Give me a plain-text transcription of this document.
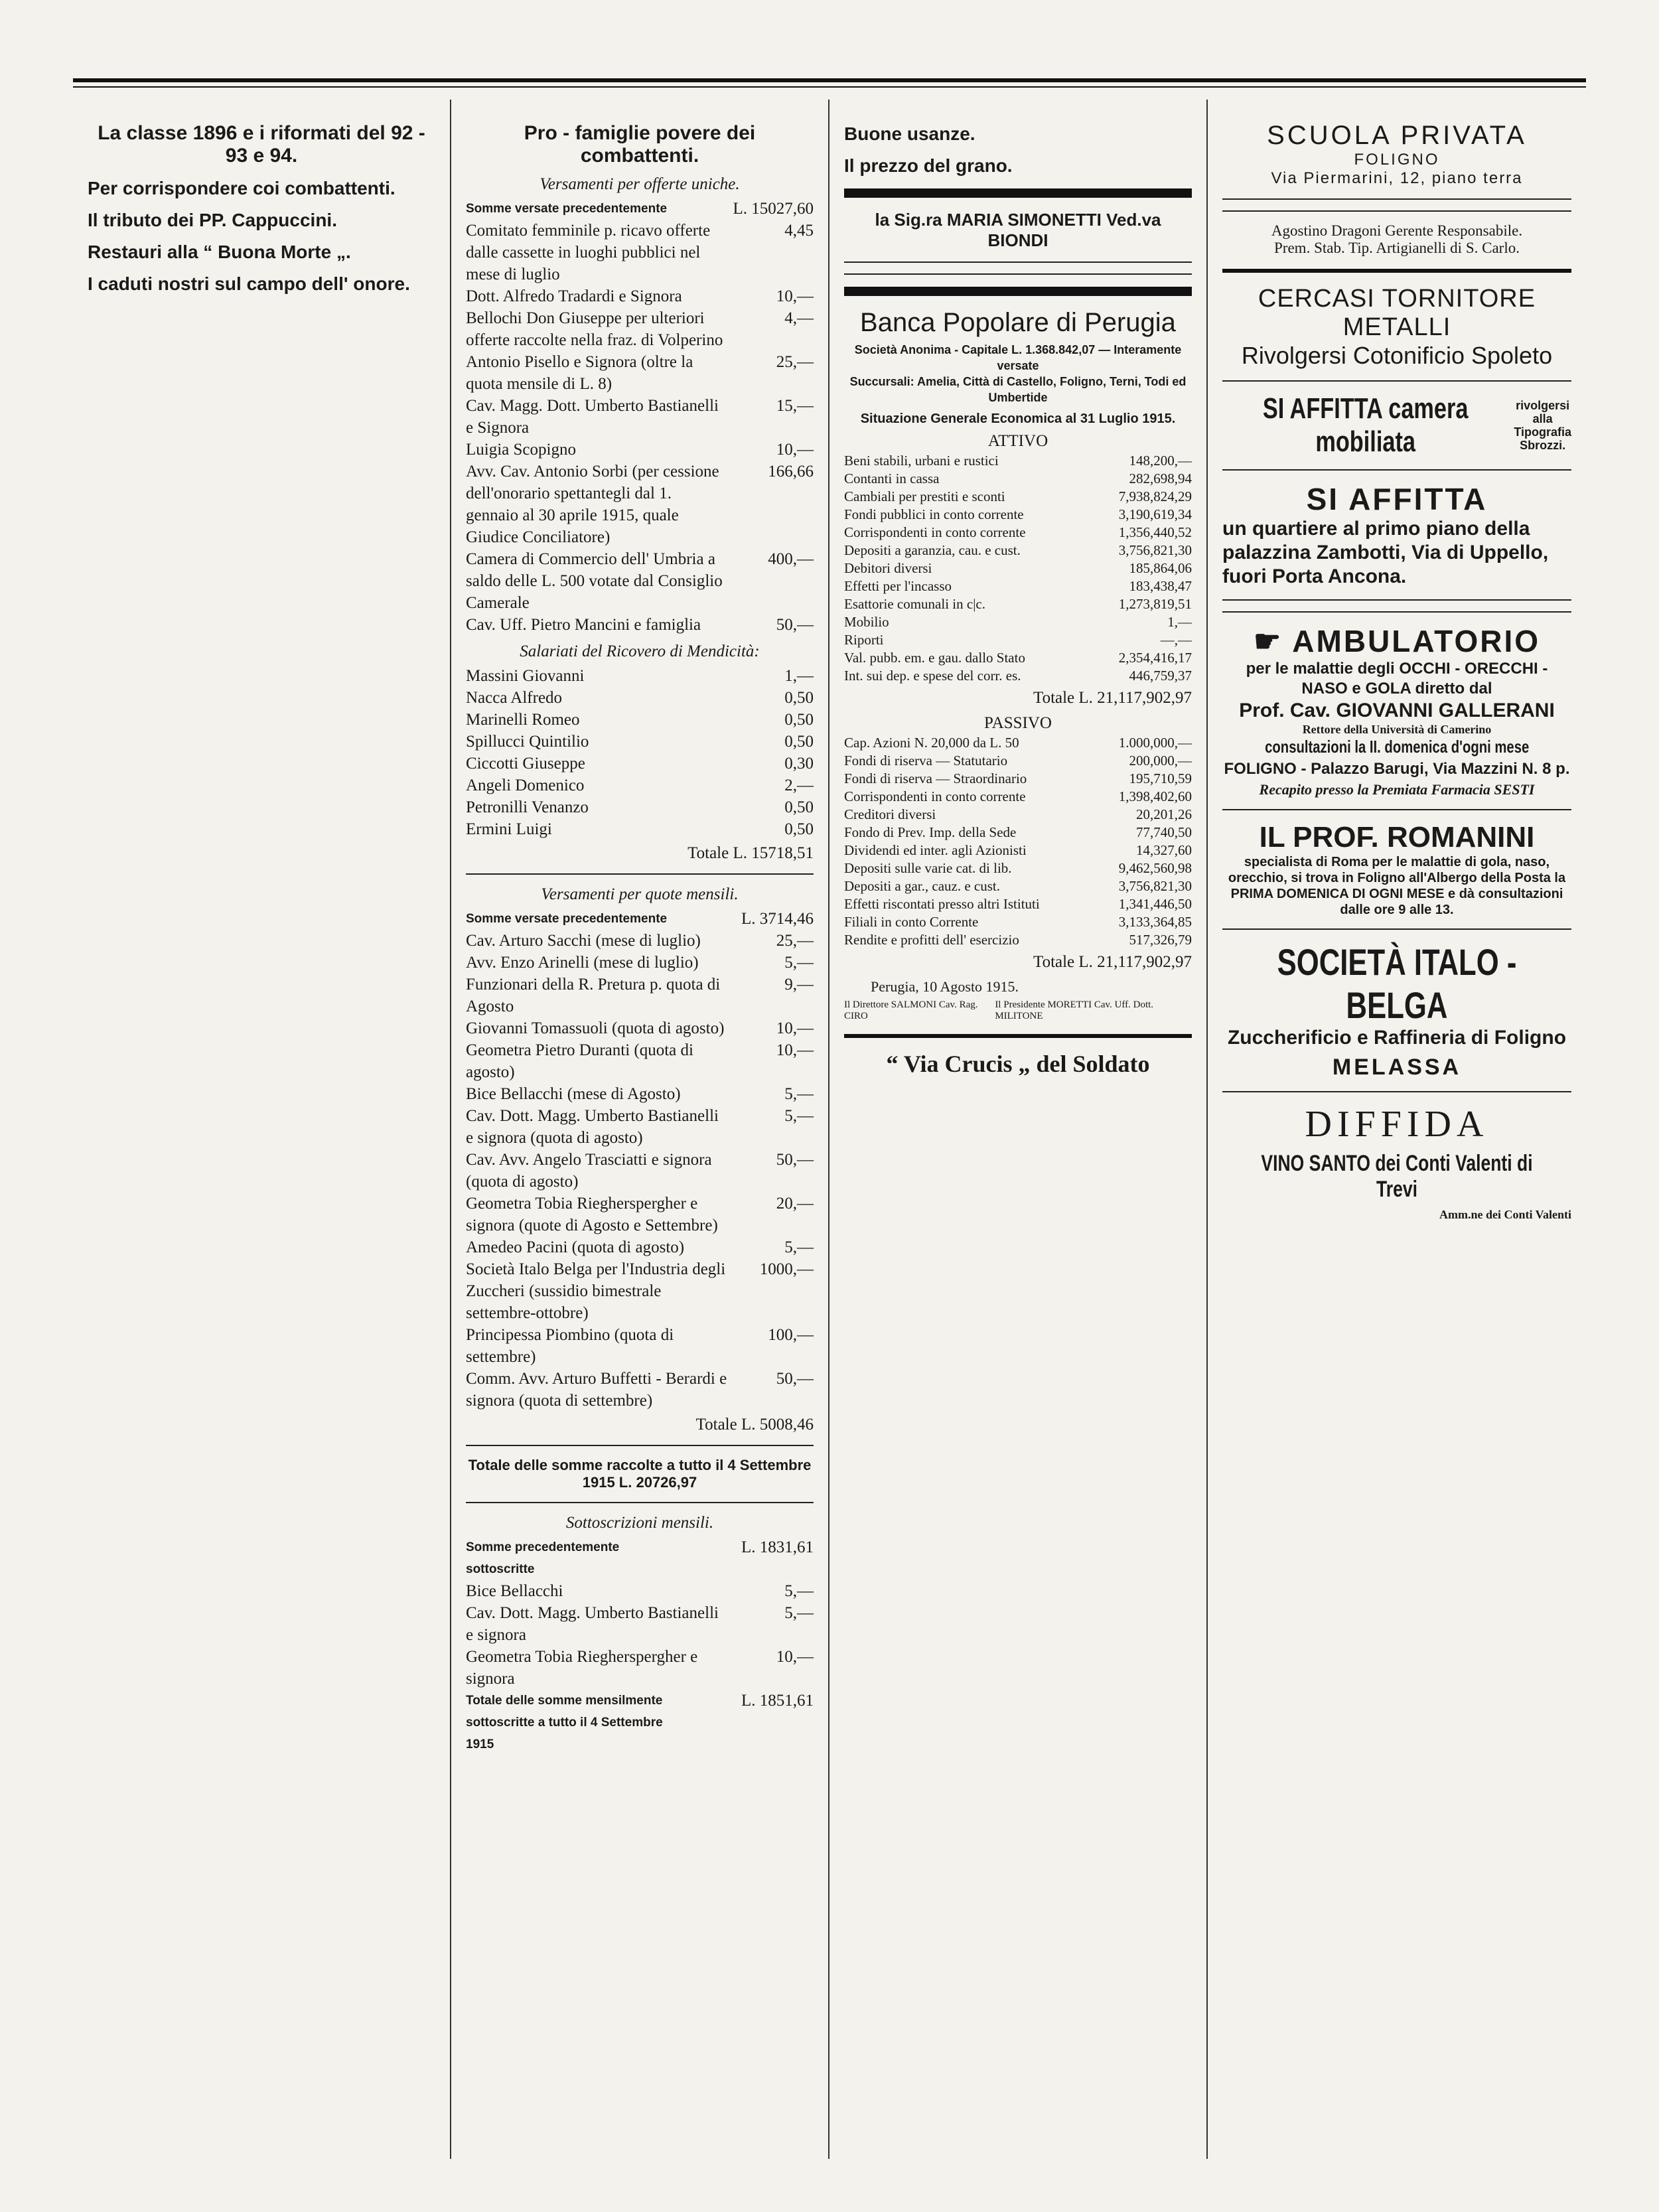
La classe 1896 e i riformati del 92 - 93 e 94.

Per corrispondere coi combattenti.

Il tributo dei PP. Cappuccini.

Restauri alla “ Buona Morte „.

I caduti nostri sul campo dell' onore.

Pro - famiglie povere dei combattenti.
Versamenti per offerte uniche.
Somme versate precedentemente	L. 15027,60
Comitato femminile p. ricavo offerte dalle cassette in luoghi pubblici nel mese di luglio
4,45
Dott. Alfredo Tradardi e Signora	10,—
Bellochi Don Giuseppe per ulteriori offerte raccolte nella fraz. di Volperino
4,—
Antonio Pisello e Signora (oltre la quota mensile di L. 8)
25,—
Cav. Magg. Dott. Umberto Bastianelli e Signora
15,—
Luigia Scopigno	10,—
Avv. Cav. Antonio Sorbi (per cessione dell'onorario spettantegli dal 1. gennaio al 30 aprile 1915, quale Giudice Conciliatore)
166,66
Camera di Commercio dell' Umbria a saldo delle L. 500 votate dal Consiglio Camerale
400,—
Cav. Uff. Pietro Mancini e famiglia	50,—
Salariati del Ricovero di Mendicità:
Massini Giovanni	1,—
Nacca Alfredo	0,50
Marinelli Romeo	0,50
Spillucci Quintilio	0,50
Ciccotti Giuseppe	0,30
Angeli Domenico	2,—
Petronilli Venanzo	0,50
Ermini Luigi	0,50
Totale L. 15718,51
Versamenti per quote mensili.
Somme versate precedentemente	L. 3714,46
Cav. Arturo Sacchi (mese di luglio)	25,—
Avv. Enzo Arinelli (mese di luglio)	5,—
Funzionari della R. Pretura p. quota di Agosto
9,—
Giovanni Tomassuoli (quota di agosto)	10,—
Geometra Pietro Duranti (quota di agosto)
10,—
Bice Bellacchi (mese di Agosto)	5,—
Cav. Dott. Magg. Umberto Bastianelli e signora (quota di agosto)
5,—
Cav. Avv. Angelo Trasciatti e signora (quota di agosto)
50,—
Geometra Tobia Riegherspergher e signora (quote di Agosto e Settembre)
20,—
Amedeo Pacini (quota di agosto)	5,—
Società Italo Belga per l'Industria degli Zuccheri (sussidio bimestrale settembre-ottobre)
1000,—
Principessa Piombino (quota di settembre)
100,—
Comm. Avv. Arturo Buffetti - Berardi e signora (quota di settembre)
50,—
Totale L. 5008,46
Totale delle somme raccolte a tutto il 4 Settembre 1915 L. 20726,97
Sottoscrizioni mensili.
Somme precedentemente sottoscritte
L. 1831,61
Bice Bellacchi	5,—
Cav. Dott. Magg. Umberto Bastianelli e signora
5,—
Geometra Tobia Riegherspergher e signora
10,—
Totale delle somme mensilmente sottoscritte a tutto il 4 Settembre 1915
L. 1851,61
Buone usanze.

Il prezzo del grano.

la Sig.ra MARIA SIMONETTI Ved.va BIONDI

Banca Popolare di Perugia
Società Anonima - Capitale L. 1.368.842,07 — Interamente versate
Succursali: Amelia, Città di Castello, Foligno, Terni, Todi ed Umbertide
Situazione Generale Economica al 31 Luglio 1915.
ATTIVO
Beni stabili, urbani e rustici	148,200,—
Contanti in cassa	282,698,94
Cambiali per prestiti e sconti	7,938,824,29
Fondi pubblici in conto corrente	3,190,619,34
Corrispondenti in conto corrente	1,356,440,52
Depositi a garanzia, cau. e cust.	3,756,821,30
Debitori diversi	185,864,06
Effetti per l'incasso	183,438,47
Esattorie comunali in c|c.	1,273,819,51
Mobilio	1,—
Riporti	—,—
Val. pubb. em. e gau. dallo Stato	2,354,416,17
Int. sui dep. e spese del corr. es.	446,759,37
Totale L. 21,117,902,97
PASSIVO
Cap. Azioni N. 20,000 da L. 50	1.000,000,—
Fondi di riserva — Statutario	200,000,—
Fondi di riserva — Straordinario	195,710,59
Corrispondenti in conto corrente	1,398,402,60
Creditori diversi	20,201,26
Fondo di Prev. Imp. della Sede	77,740,50
Dividendi ed inter. agli Azionisti	14,327,60
Depositi sulle varie cat. di lib.	9,462,560,98
Depositi a gar., cauz. e cust.	3,756,821,30
Effetti riscontati presso altri Istituti	1,341,446,50
Filiali in conto Corrente	3,133,364,85
Rendite e profitti dell' esercizio	517,326,79
Totale L. 21,117,902,97
Perugia, 10 Agosto 1915.
Il Direttore SALMONI Cav. Rag. CIRO
Il Presidente MORETTI Cav. Uff. Dott. MILITONE
“ Via Crucis „ del Soldato

SCUOLA PRIVATA
FOLIGNO
Via Piermarini, 12, piano terra

Agostino Dragoni Gerente Responsabile.
Prem. Stab. Tip. Artigianelli di S. Carlo.
CERCASI TORNITORE METALLI
Rivolgersi Cotonificio Spoleto
SI AFFITTA camera mobiliata
rivolgersi alla Tipografia Sbrozzi.
SI AFFITTA
un quartiere al primo piano della palazzina Zambotti, Via di Uppello, fuori Porta Ancona.

☛ AMBULATORIO
per le malattie degli OCCHI - ORECCHI - NASO e GOLA diretto dal
Prof. Cav. GIOVANNI GALLERANI
Rettore della Università di Camerino
consultazioni la II. domenica d'ogni mese
FOLIGNO - Palazzo Barugi, Via Mazzini N. 8 p.
Recapito presso la Premiata Farmacia SESTI
IL PROF. ROMANINI
specialista di Roma per le malattie di gola, naso, orecchio, si trova in Foligno all'Albergo della Posta la PRIMA DOMENICA DI OGNI MESE e dà consultazioni dalle ore 9 alle 13.
SOCIETÀ ITALO - BELGA
Zuccherificio e Raffineria di Foligno
MELASSA

DIFFIDA

VINO SANTO dei Conti Valenti di Trevi

Amm.ne dei Conti Valenti
